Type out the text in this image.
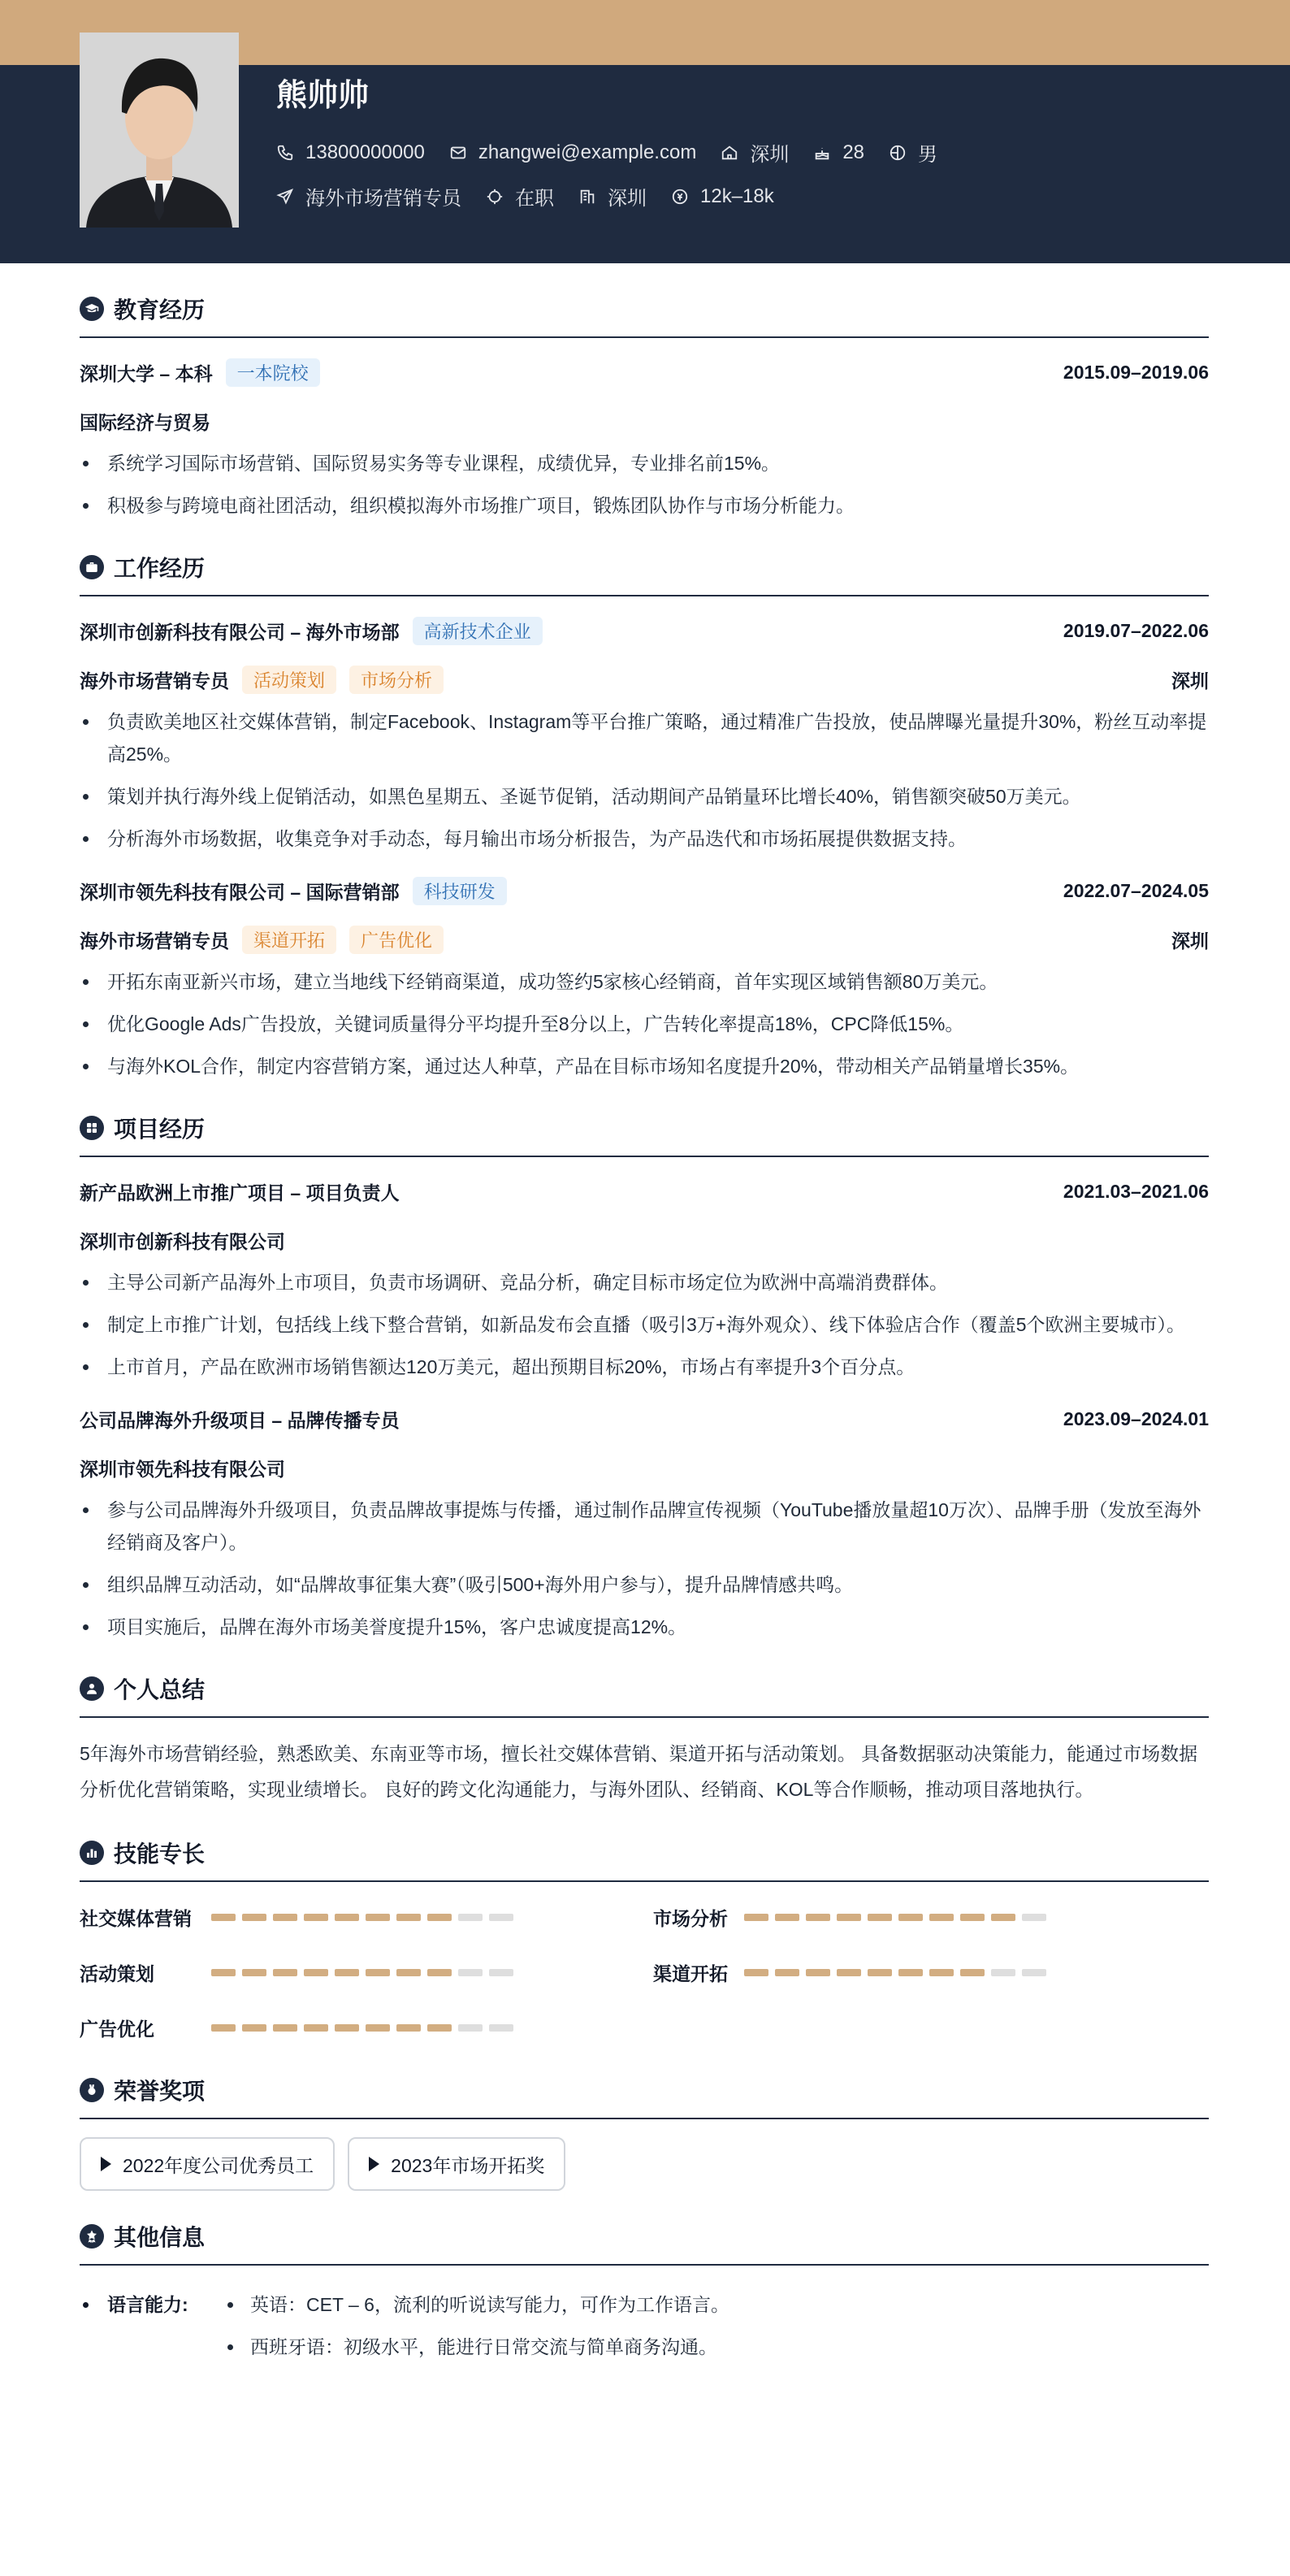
熊帅帅
13800000000	zhangwei@example.com	深圳	28	男
海外市场营销专员	在职	深圳	12k–18k
教育经历
深圳大学 – 本科	一本院校	2015.09–2019.06
国际经济与贸易
系统学习国际市场营销、国际贸易实务等专业课程，成绩优异，专业排名前15%。
积极参与跨境电商社团活动，组织模拟海外市场推广项目，锻炼团队协作与市场分析能力。
工作经历
深圳市创新科技有限公司 – 海外市场部	高新技术企业	2019.07–2022.06
海外市场营销专员	活动策划	市场分析	深圳
负责欧美地区社交媒体营销，制定Facebook、Instagram等平台推广策略，通过精准广告投放，使品牌曝光量提升30%，粉丝互动率提高25%。
策划并执行海外线上促销活动，如黑色星期五、圣诞节促销，活动期间产品销量环比增长40%，销售额突破50万美元。
分析海外市场数据，收集竞争对手动态，每月输出市场分析报告，为产品迭代和市场拓展提供数据支持。
深圳市领先科技有限公司 – 国际营销部	科技研发	2022.07–2024.05
海外市场营销专员	渠道开拓	广告优化	深圳
开拓东南亚新兴市场，建立当地线下经销商渠道，成功签约5家核心经销商，首年实现区域销售额80万美元。
优化Google Ads广告投放，关键词质量得分平均提升至8分以上，广告转化率提高18%，CPC降低15%。
与海外KOL合作，制定内容营销方案，通过达人种草，产品在目标市场知名度提升20%，带动相关产品销量增长35%。
项目经历
新产品欧洲上市推广项目 – 项目负责人	2021.03–2021.06
深圳市创新科技有限公司
主导公司新产品海外上市项目，负责市场调研、竞品分析，确定目标市场定位为欧洲中高端消费群体。
制定上市推广计划，包括线上线下整合营销，如新品发布会直播（吸引3万+海外观众）、线下体验店合作（覆盖5个欧洲主要城市）。
上市首月，产品在欧洲市场销售额达120万美元，超出预期目标20%，市场占有率提升3个百分点。
公司品牌海外升级项目 – 品牌传播专员	2023.09–2024.01
深圳市领先科技有限公司
参与公司品牌海外升级项目，负责品牌故事提炼与传播，通过制作品牌宣传视频（YouTube播放量超10万次）、品牌手册（发放至海外经销商及客户）。
组织品牌互动活动，如“品牌故事征集大赛”（吸引500+海外用户参与），提升品牌情感共鸣。
项目实施后，品牌在海外市场美誉度提升15%，客户忠诚度提高12%。
个人总结

5年海外市场营销经验，熟悉欧美、东南亚等市场，擅长社交媒体营销、渠道开拓与活动策划。 具备数据驱动决策能力，能通过市场数据分析优化营销策略，实现业绩增长。 良好的跨文化沟通能力，与海外团队、经销商、KOL等合作顺畅，推动项目落地执行。

技能专长
社交媒体营销	市场分析
活动策划	渠道开拓
广告优化
荣誉奖项
2022年度公司优秀员工	2023年市场开拓奖
其他信息
语言能力:	英语：CET – 6，流利的听说读写能力，可作为工作语言。
西班牙语：初级水平，能进行日常交流与简单商务沟通。
